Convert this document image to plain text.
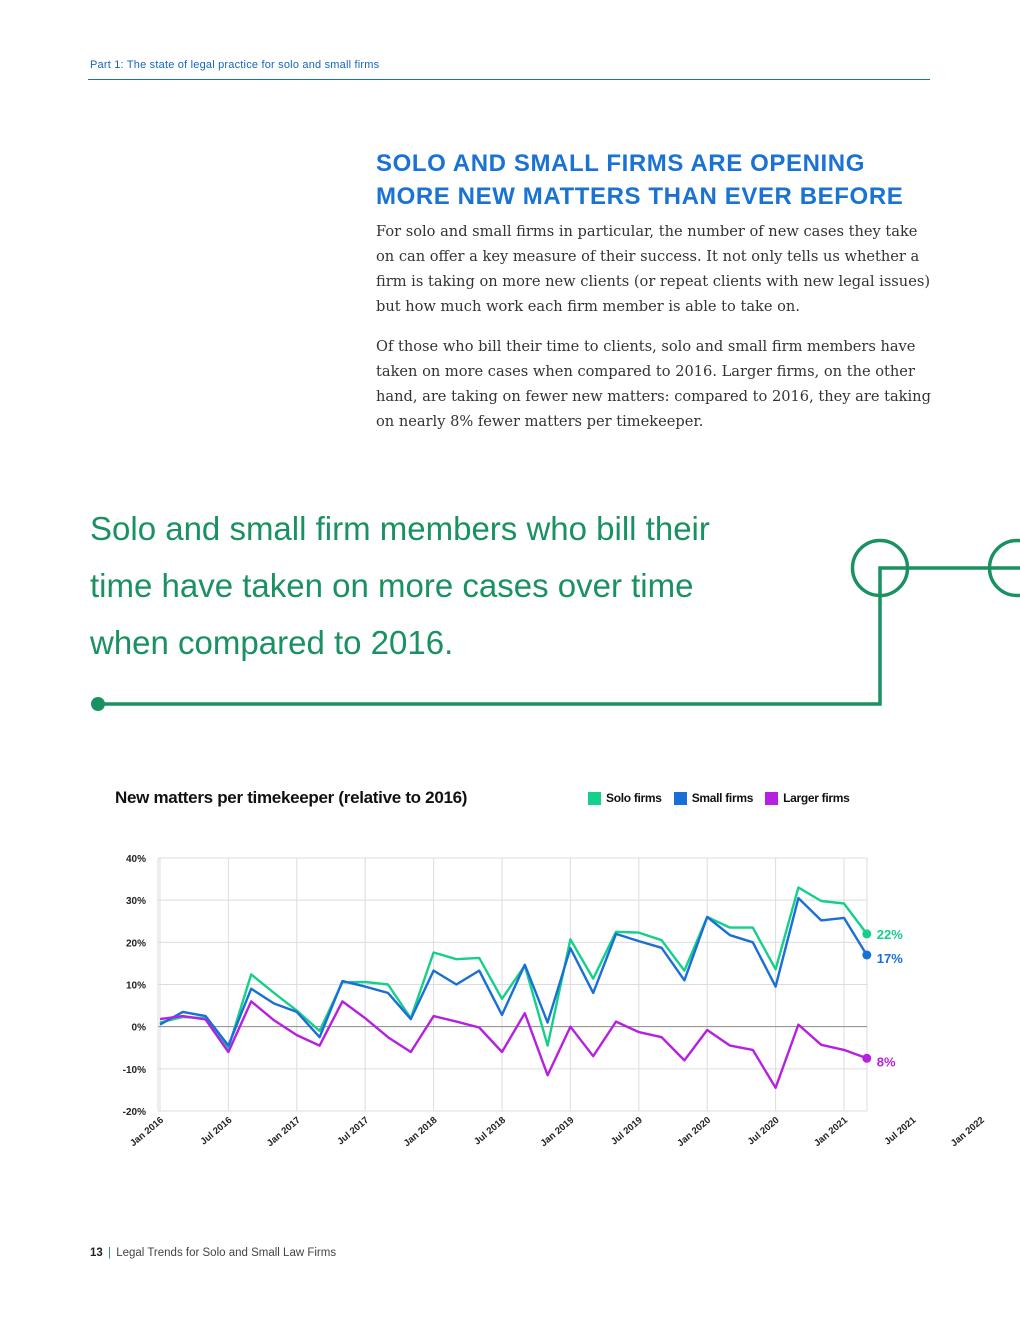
Part 1: The state of legal practice for solo and small firms
SOLO AND SMALL FIRMS ARE OPENING MORE NEW MATTERS THAN EVER BEFORE

For solo and small firms in particular, the number of new cases they take on can offer a key measure of their success. It not only tells us whether a firm is taking on more new clients (or repeat clients with new legal issues) but how much work each firm member is able to take on.

Of those who bill their time to clients, solo and small firm members have taken on more cases when compared to 2016. Larger firms, on the other hand, are taking on fewer new matters: compared to 2016, they are taking on nearly 8% fewer matters per timekeeper.

Solo and small firm members who bill their time have taken on more cases over time when compared to 2016.
New matters per timekeeper (relative to 2016)	Solo firms	Small firms	Larger firms
40%
30%
20%
10%
0%
-10%
-20%
Jan 2016	Jul 2016	Jan 2017	Jul 2017	Jan 2018	Jul 2018	Jan 2019	Jul 2019	Jan 2020	Jul 2020	Jan 2021	Jul 2021	Jan 2022
22%
17%
8%
13 | Legal Trends for Solo and Small Law Firms
